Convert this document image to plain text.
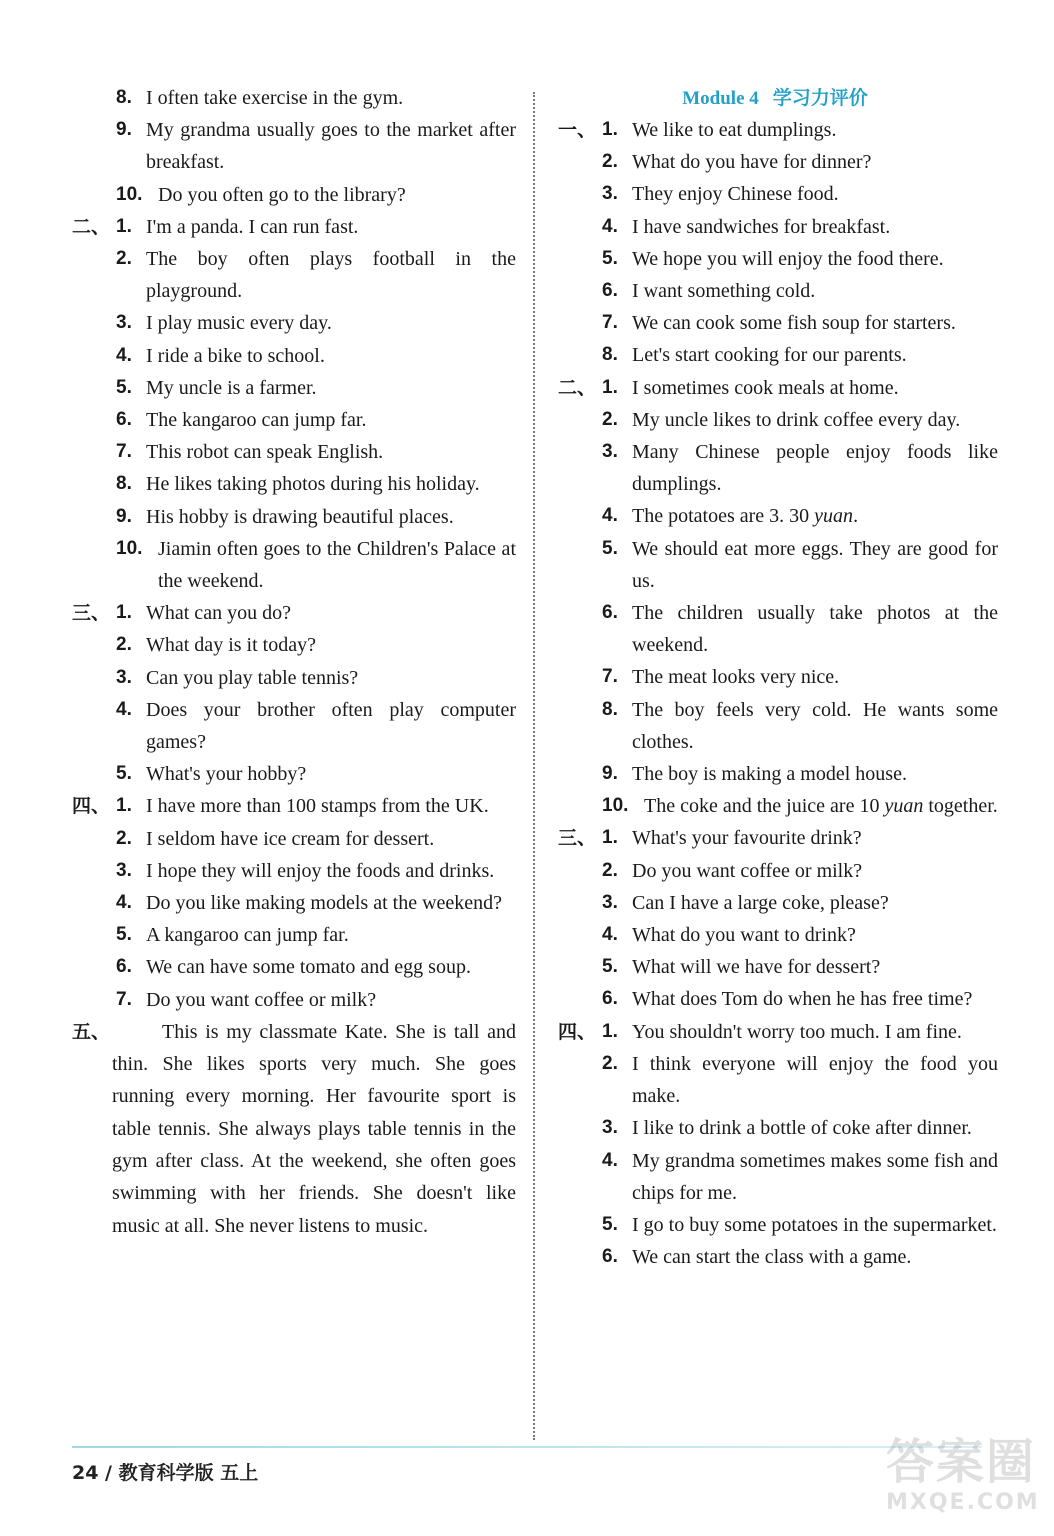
8. I often take exercise in the gym.
9. My grandma usually goes to the market after breakfast.
10. Do you often go to the library?
二、 1. I'm a panda. I can run fast.
2. The boy often plays football in the playground.
3. I play music every day.
4. I ride a bike to school.
5. My uncle is a farmer.
6. The kangaroo can jump far.
7. This robot can speak English.
8. He likes taking photos during his holiday.
9. His hobby is drawing beautiful places.
10. Jiamin often goes to the Children's Palace at the weekend.
三、 1. What can you do?
2. What day is it today?
3. Can you play table tennis?
4. Does your brother often play computer games?
5. What's your hobby?
四、 1. I have more than 100 stamps from the UK.
2. I seldom have ice cream for dessert.
3. I hope they will enjoy the foods and drinks.
4. Do you like making models at the weekend?
5. A kangaroo can jump far.
6. We can have some tomato and egg soup.
7. Do you want coffee or milk?
五、	This is my classmate Kate. She is tall and thin. She likes sports very much. She goes running every morning. Her favourite sport is table tennis. She always plays table tennis in the gym after class. At the weekend, she often goes swimming with her friends. She doesn't like music at all. She never listens to music.
Module 4 学习力评价
一、 1. We like to eat dumplings.
2. What do you have for dinner?
3. They enjoy Chinese food.
4. I have sandwiches for breakfast.
5. We hope you will enjoy the food there.
6. I want something cold.
7. We can cook some fish soup for starters.
8. Let's start cooking for our parents.
二、 1. I sometimes cook meals at home.
2. My uncle likes to drink coffee every day.
3. Many Chinese people enjoy foods like dumplings.
4. The potatoes are 3. 30 yuan.
5. We should eat more eggs. They are good for us.
6. The children usually take photos at the weekend.
7. The meat looks very nice.
8. The boy feels very cold. He wants some clothes.
9. The boy is making a model house.
10. The coke and the juice are 10 yuan together.
三、 1. What's your favourite drink?
2. Do you want coffee or milk?
3. Can I have a large coke, please?
4. What do you want to drink?
5. What will we have for dessert?
6. What does Tom do when he has free time?
四、 1. You shouldn't worry too much. I am fine.
2. I think everyone will enjoy the food you make.
3. I like to drink a bottle of coke after dinner.
4. My grandma sometimes makes some fish and chips for me.
5. I go to buy some potatoes in the supermarket.
6. We can start the class with a game.
24 / 教育科学版 五上	答案圈
MXQE.COM
